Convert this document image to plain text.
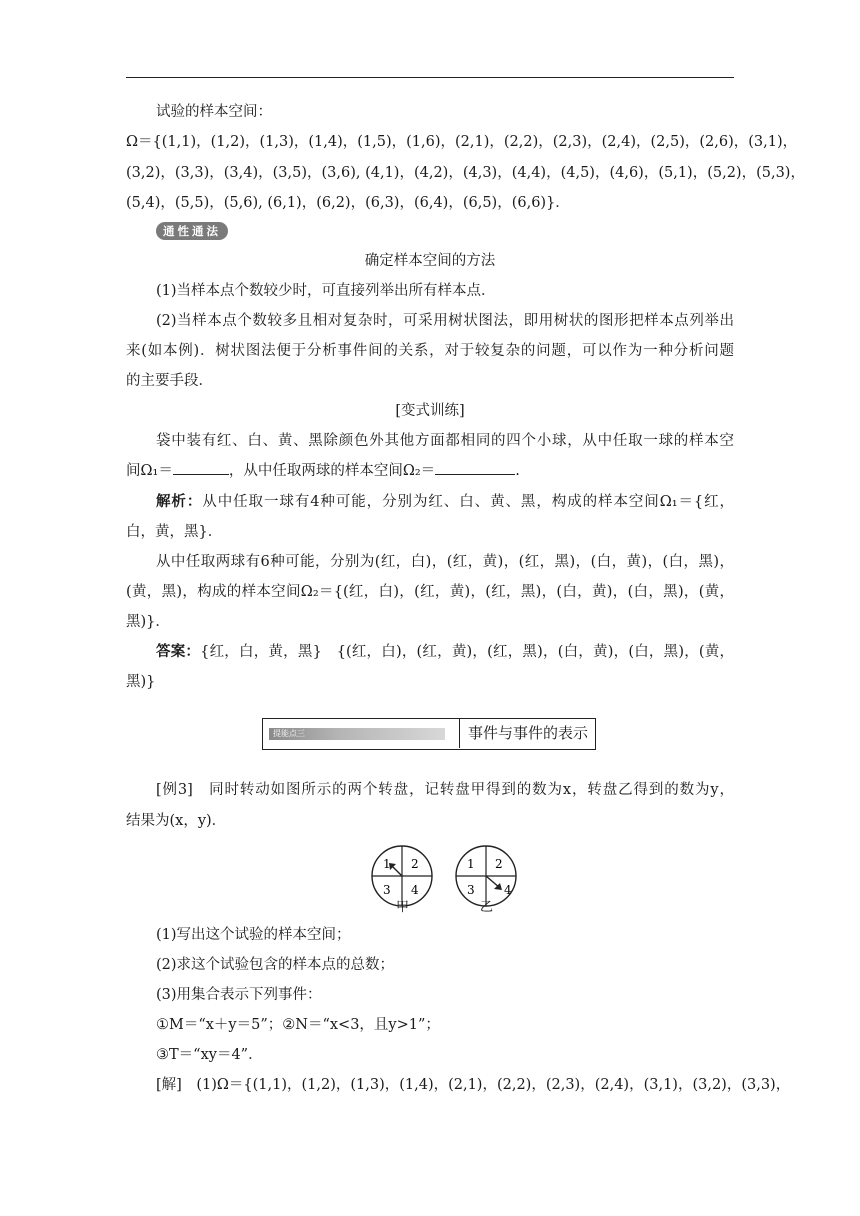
试验的样本空间：
Ω＝{(1,1)，(1,2)，(1,3)，(1,4)，(1,5)，(1,6)，(2,1)，(2,2)，(2,3)，(2,4)，(2,5)，(2,6)，(3,1)，
(3,2)，(3,3)，(3,4)，(3,5)，(3,6), (4,1)，(4,2)，(4,3)，(4,4)，(4,5)，(4,6)，(5,1)，(5,2)，(5,3)，
(5,4)，(5,5)，(5,6), (6,1)，(6,2)，(6,3)，(6,4)，(6,5)，(6,6)}．
通性通法
确定样本空间的方法
(1)当样本点个数较少时，可直接列举出所有样本点．
(2)当样本点个数较多且相对复杂时，可采用树状图法，即用树状的图形把样本点列举出
来(如本例)．树状图法便于分析事件间的关系，对于较复杂的问题，可以作为一种分析问题
的主要手段．
[变式训练]
袋中装有红、白、黄、黑除颜色外其他方面都相同的四个小球，从中任取一球的样本空
间Ω₁＝	，从中任取两球的样本空间Ω₂＝	.
解析：从中任取一球有4种可能，分别为红、白、黄、黑，构成的样本空间Ω₁＝{红，
白，黄，黑}．
从中任取两球有6种可能，分别为(红，白)，(红，黄)，(红，黑)，(白，黄)，(白，黑)，
(黄，黑)，构成的样本空间Ω₂＝{(红，白)，(红，黄)，(红，黑)，(白，黄)，(白，黑)，(黄，
黑)}．
答案：{红，白，黄，黑}　{(红，白)，(红，黄)，(红，黑)，(白，黄)，(白，黑)，(黄，
黑)}
提能点三	事件与事件的表示
[例3]　同时转动如图所示的两个转盘，记转盘甲得到的数为x，转盘乙得到的数为y，
结果为(x，y)．
1 2
3 4
1 2
3 4
甲	乙
(1)写出这个试验的样本空间；
(2)求这个试验包含的样本点的总数；
(3)用集合表示下列事件：
①M＝“x＋y＝5”；②N＝“x<3，且y>1”；
③T＝“xy＝4”．
[解]　(1)Ω＝{(1,1)，(1,2)，(1,3)，(1,4)，(2,1)，(2,2)，(2,3)，(2,4)，(3,1)，(3,2)，(3,3)，
